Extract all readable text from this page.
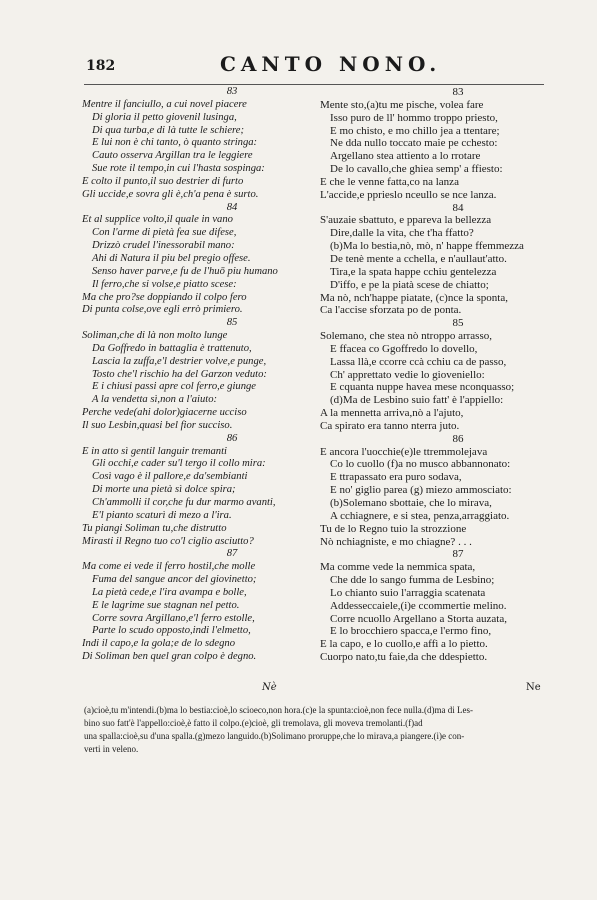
182	CANTO NONO.
83
Mentre il fanciullo, a cui novel piacere
Di gloria il petto giovenil lusinga,
Di qua turba,e di là tutte le schiere;
E lui non è chi tanto, ò quanto stringa:
Cauto osserva Argillan tra le leggiere
Sue rote il tempo,in cui l'hasta sospinga:
E colto il punto,il suo destrier di furto
Gli uccide,e sovra gli è,ch'a pena è surto.
84
Et al supplice volto,il quale in vano
Con l'arme di pietà fea sue difese,
Drizzò crudel l'inessorabil mano:
Ahi di Natura il piu bel pregio offese.
Senso haver parve,e fu de l'huō piu humano
Il ferro,che si volse,e piatto scese:
Ma che pro?se doppiando il colpo fero
Di punta colse,ove egli errò primiero.
85
Soliman,che di là non molto lunge
Da Goffredo in battaglia è trattenuto,
Lascia la zuffa,e'l destrier volve,e punge,
Tosto che'l rischio ha del Garzon veduto:
E i chiusi passi apre col ferro,e giunge
A la vendetta sì,non a l'aiuto:
Perche vede(ahi dolor)giacerne ucciso
Il suo Lesbin,quasi bel fior succiso.
86
E in atto sì gentil languir tremanti
Gli occhi,e cader su'l tergo il collo mira:
Così vago è il pallore,e da'sembianti
Di morte una pietà sì dolce spira;
Ch'ammolli il cor,che fu dur marmo avanti,
E'l pianto scaturì di mezo a l'ira.
Tu piangi Soliman tu,che distrutto
Mirasti il Regno tuo co'l ciglio asciutto?
87
Ma come ei vede il ferro hostil,che molle
Fuma del sangue ancor del giovinetto;
La pietà cede,e l'ira avampa e bolle,
E le lagrime sue stagnan nel petto.
Corre sovra Argillano,e'l ferro estolle,
Parte lo scudo opposto,indi l'elmetto,
Indi il capo,e la gola;e de lo sdegno
Di Soliman ben quel gran colpo è degno.
83
Mente sto,(a)tu me pische, volea fare
Isso puro de ll' hommo troppo priesto,
E mo chisto, e mo chillo jea a ttentare;
Ne dda nullo toccato maie pe cchesto:
Argellano stea attiento a lo rrotare
De lo cavallo,che ghiea semp' a ffiesto:
E che le venne fatta,co na lanza
L'accide,e pprieslo nceullo se nce lanza.
84
S'auzaie sbattuto, e ppareva la bellezza
Dire,dalle la vita, che t'ha ffatto?
(b)Ma lo bestia,nò, mò, n' happe ffemmezza
De tenè mente a cchella, e n'aullaut'atto.
Tira,e la spata happe cchiu gentelezza
D'iffo, e pe la piatà scese de chiatto;
Ma nò, nch'happe piatate, (c)nce la sponta,
Ca l'accise sforzata po de ponta.
85
Solemano, che stea nò ntroppo arrasso,
E ffacea co Ggoffredo lo dovello,
Lassa llà,e ccorre ccà cchiu ca de passo,
Ch' apprettato vedie lo gioveniello:
E cquanta nuppe havea mese nconquasso;
(d)Ma de Lesbino suio fatt' è l'appiello:
A la mennetta arriva,nò a l'ajuto,
Ca spirato era tanno nterra juto.
86
E ancora l'uocchie(e)le ttremmolejava
Co lo cuollo (f)a no musco abbannonato:
E ttrapassato era puro sodava,
E no' giglio parea (g) miezo ammosciato:
(b)Solemano sbottaie, che lo mirava,
A cchiagnere, e si stea, penza,arraggiato.
Tu de lo Regno tuio la strozzione
Nò nchiagniste, e mo chiagne? . . .
87
Ma comme vede la nemmica spata,
Che dde lo sango fumma de Lesbino;
Lo chianto suio l'arraggia scatenata
Addesseccaiele,(i)e ccommertie melino.
Corre ncuollo Argellano a Storta auzata,
E lo brocchiero spacca,e l'ermo fino,
E la capo, e lo cuollo,e affì a lo pietto.
Cuorpo nato,tu faie,da che ddespietto.
Nè	Ne
(a)cioè,tu m'intendi.(b)ma lo bestia:cioè,lo scioeco,non hora.(c)e la spunta:cioè,non fece nulla.(d)ma di Les-
bino suo fatt'è l'appello:cioè,è fatto il colpo.(e)cioè, gli tremolava, gli moveva tremolanti.(f)ad
una spalla:cioè,su d'una spalla.(g)mezo languido.(b)Solimano proruppe,che lo mirava,a piangere.(i)e con-
verti in veleno.
